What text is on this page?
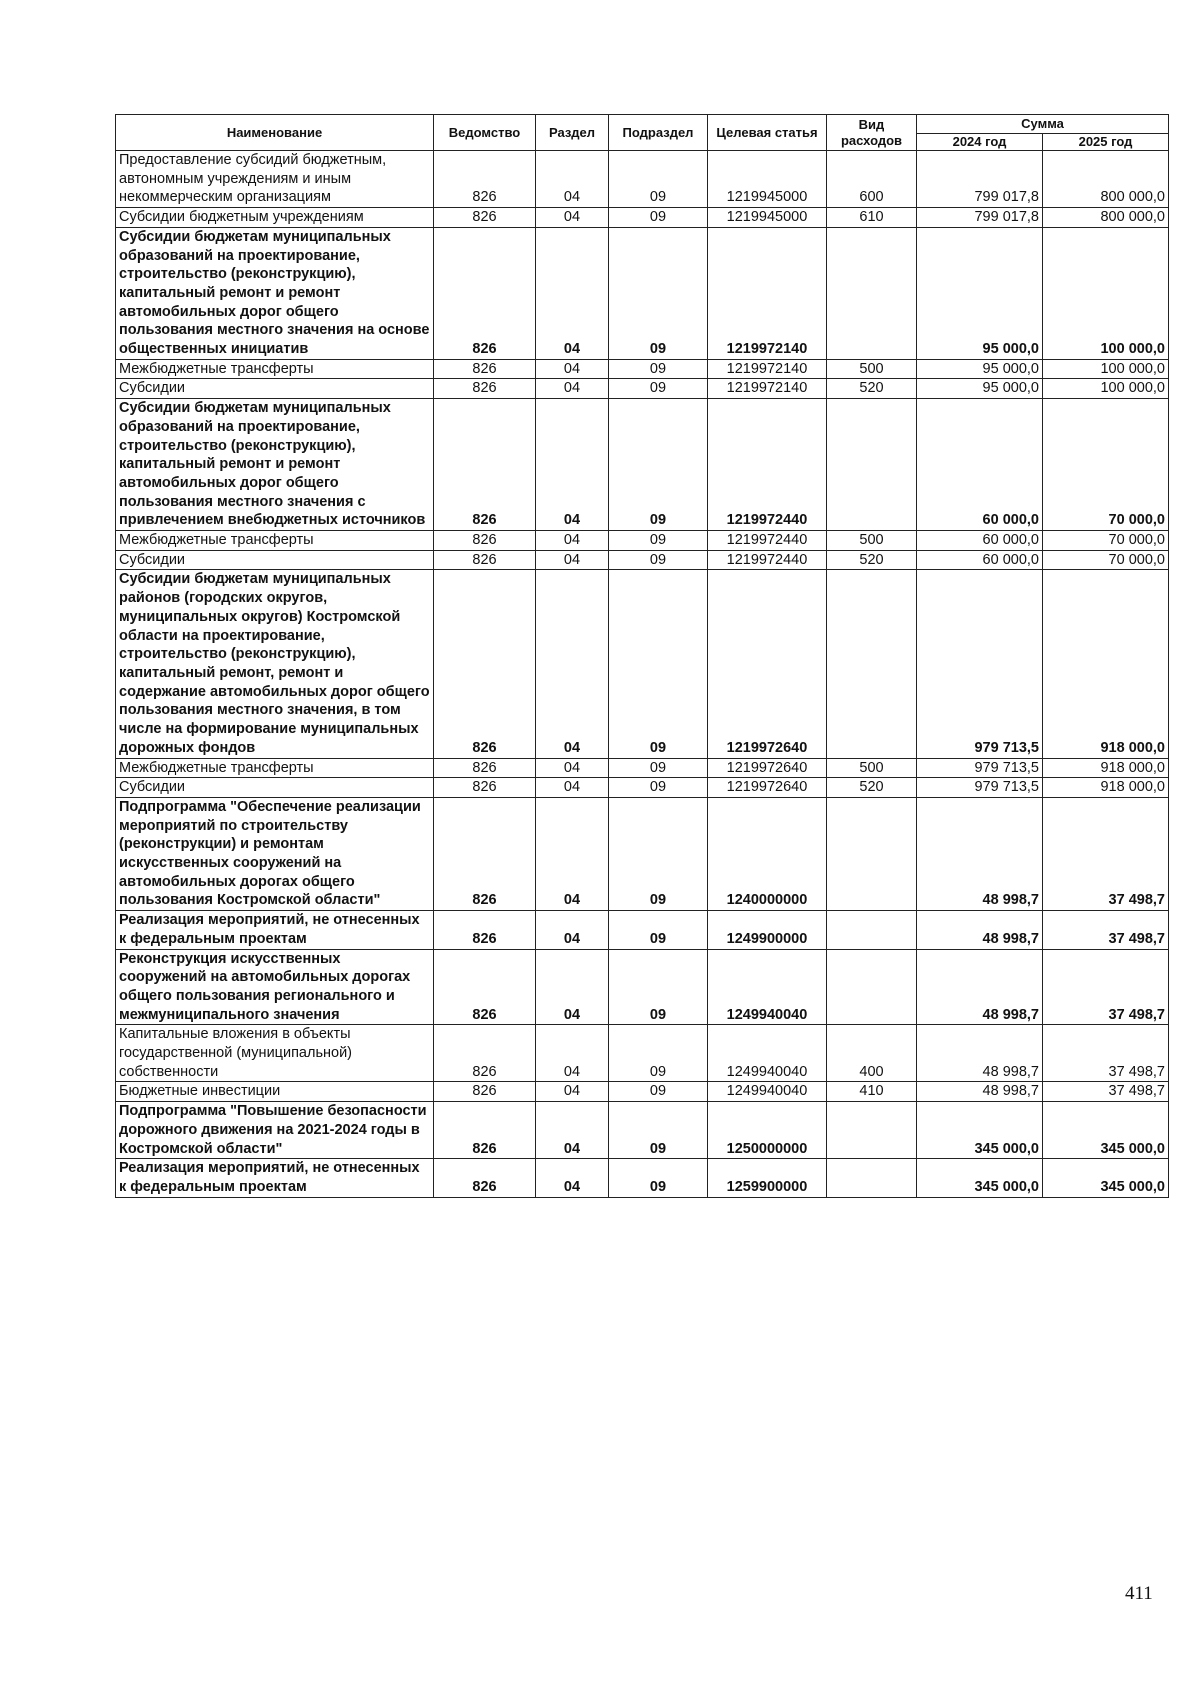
Наименование	Ведомство	Раздел	Подраздел	Целевая статья	Вид расходов	Сумма	
						2024 год	2025 год
Предоставление субсидий бюджетным, автономным учреждениям и иным некоммерческим организациям	826	04	09	1219945000	600	799 017,8	800 000,0
Субсидии бюджетным учреждениям	826	04	09	1219945000	610	799 017,8	800 000,0
Субсидии бюджетам муниципальных образований на проектирование, строительство (реконструкцию), капитальный ремонт и ремонт автомобильных дорог общего пользования местного значения на основе общественных инициатив	826	04	09	1219972140		95 000,0	100 000,0
Межбюджетные трансферты	826	04	09	1219972140	500	95 000,0	100 000,0
Субсидии	826	04	09	1219972140	520	95 000,0	100 000,0
Субсидии бюджетам муниципальных образований на проектирование, строительство (реконструкцию), капитальный ремонт и ремонт автомобильных дорог общего пользования местного значения с привлечением внебюджетных источников	826	04	09	1219972440		60 000,0	70 000,0
Межбюджетные трансферты	826	04	09	1219972440	500	60 000,0	70 000,0
Субсидии	826	04	09	1219972440	520	60 000,0	70 000,0
Субсидии бюджетам муниципальных районов (городских округов, муниципальных округов) Костромской области на проектирование, строительство (реконструкцию), капитальный ремонт, ремонт и содержание автомобильных дорог общего пользования местного значения, в том числе на формирование муниципальных дорожных фондов	826	04	09	1219972640		979 713,5	918 000,0
Межбюджетные трансферты	826	04	09	1219972640	500	979 713,5	918 000,0
Субсидии	826	04	09	1219972640	520	979 713,5	918 000,0
Подпрограмма "Обеспечение реализации мероприятий по строительству (реконструкции) и ремонтам искусственных сооружений на автомобильных дорогах общего пользования Костромской области"	826	04	09	1240000000		48 998,7	37 498,7
Реализация мероприятий, не отнесенных к федеральным проектам	826	04	09	1249900000		48 998,7	37 498,7
Реконструкция искусственных сооружений на автомобильных дорогах общего пользования регионального и межмуниципального значения	826	04	09	1249940040		48 998,7	37 498,7
Капитальные вложения в объекты государственной (муниципальной) собственности	826	04	09	1249940040	400	48 998,7	37 498,7
Бюджетные инвестиции	826	04	09	1249940040	410	48 998,7	37 498,7
Подпрограмма "Повышение безопасности дорожного движения на 2021-2024 годы в Костромской области"	826	04	09	1250000000		345 000,0	345 000,0
Реализация мероприятий, не отнесенных к федеральным проектам	826	04	09	1259900000		345 000,0	345 000,0
411
